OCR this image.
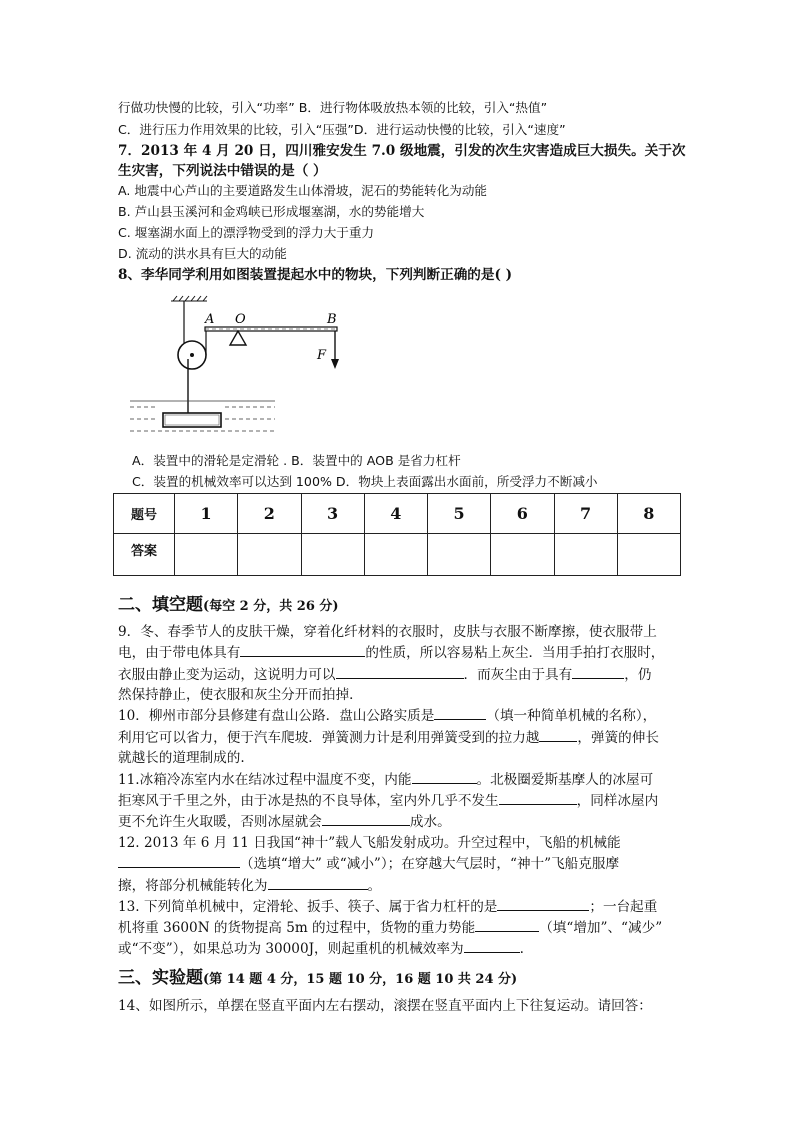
行做功快慢的比较，引入“功率” B．进行物体吸放热本领的比较，引入“热值”
C．进行压力作用效果的比较，引入“压强”D．进行运动快慢的比较，引入“速度”
7．2013 年 4 月 20 日，四川雅安发生 7.0 级地震，引发的次生灾害造成巨大损失。关于次
生灾害，下列说法中错误的是（ ）
A. 地震中心芦山的主要道路发生山体滑坡，泥石的势能转化为动能
B. 芦山县玉溪河和金鸡峡已形成堰塞湖，水的势能增大
C. 堰塞湖水面上的漂浮物受到的浮力大于重力
D. 流动的洪水具有巨大的动能
8、李华同学利用如图装置提起水中的物块，下列判断正确的是( )
A O	B
F
A．装置中的滑轮是定滑轮 . B．装置中的 AOB 是省力杠杆
C．装置的机械效率可以达到 100% D．物块上表面露出水面前，所受浮力不断减小
题号	1	2	3	4	5	6	7	8
答案								
二、填空题(每空 2 分，共 26 分)
9．冬、春季节人的皮肤干燥，穿着化纤材料的衣服时，皮肤与衣服不断摩擦，使衣服带上
电，由于带电体具有	的性质，所以容易粘上灰尘．当用手拍打衣服时，
衣服由静止变为运动，这说明力可以	．而灰尘由于具有	，仍
然保持静止，使衣服和灰尘分开而拍掉．
10．柳州市部分县修建有盘山公路．盘山公路实质是	（填一种简单机械的名称），
利用它可以省力，便于汽车爬坡．弹簧测力计是利用弹簧受到的拉力越	，弹簧的伸长
就越长的道理制成的.
11.冰箱冷冻室内水在结冰过程中温度不变，内能	。北极圈爱斯基摩人的冰屋可
拒寒风于千里之外，由于冰是热的不良导体，室内外几乎不发生	，同样冰屋内
更不允许生火取暖，否则冰屋就会	成水。
12. 2013 年 6 月 11 日我国“神十”载人飞船发射成功。升空过程中，飞船的机械能
（选填“增大” 或“减小”）；在穿越大气层时，“神十”飞船克服摩
擦，将部分机械能转化为	。
13. 下列简单机械中，定滑轮、扳手、筷子、属于省力杠杆的是	；一台起重
机将重 3600N 的货物提高 5m 的过程中，货物的重力势能	（填“增加”、“减少”
或“不变”），如果总功为 30000J，则起重机的机械效率为	.
三、实验题(第 14 题 4 分，15 题 10 分，16 题 10 共 24 分)
14、如图所示，单摆在竖直平面内左右摆动，滚摆在竖直平面内上下往复运动。请回答：
